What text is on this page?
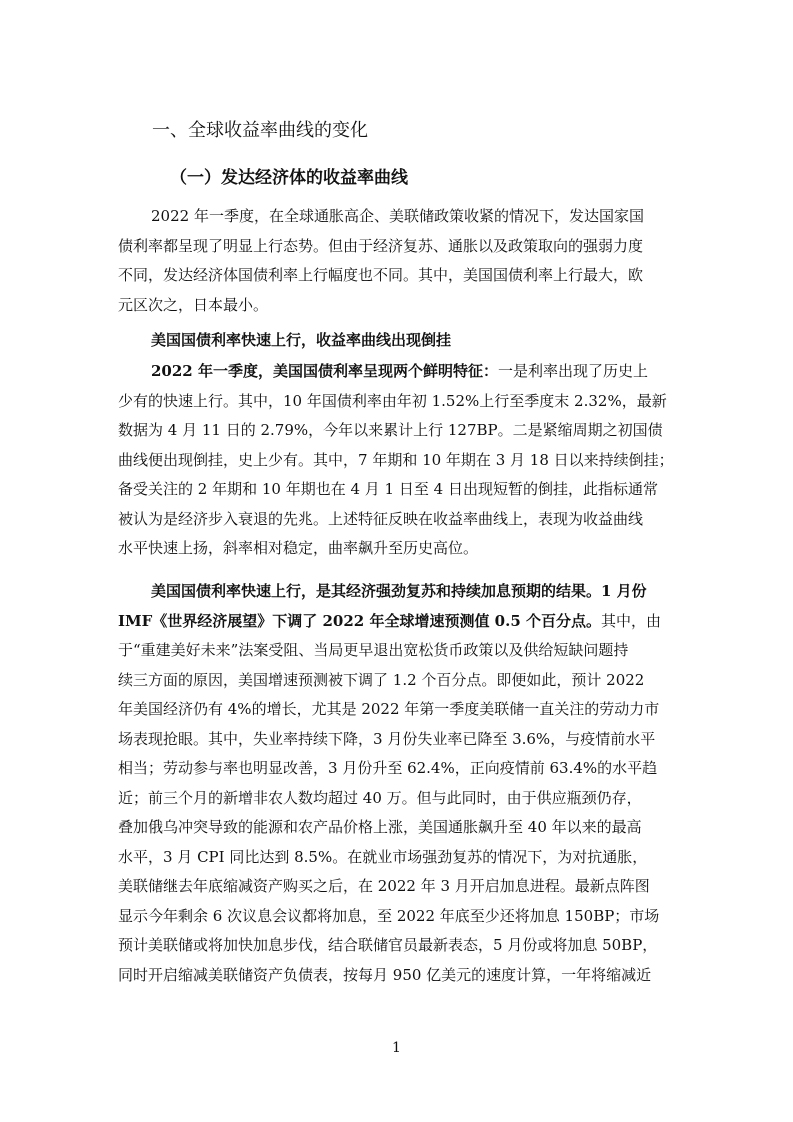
一、全球收益率曲线的变化
（一）发达经济体的收益率曲线
2022 年一季度，在全球通胀高企、美联储政策收紧的情况下，发达国家国
债利率都呈现了明显上行态势。但由于经济复苏、通胀以及政策取向的强弱力度
不同，发达经济体国债利率上行幅度也不同。其中，美国国债利率上行最大，欧
元区次之，日本最小。
美国国债利率快速上行，收益率曲线出现倒挂
2022 年一季度，美国国债利率呈现两个鲜明特征：一是利率出现了历史上
少有的快速上行。其中，10 年国债利率由年初 1.52%上行至季度末 2.32%，最新
数据为 4 月 11 日的 2.79%，今年以来累计上行 127BP。二是紧缩周期之初国债
曲线便出现倒挂，史上少有。其中，7 年期和 10 年期在 3 月 18 日以来持续倒挂；
备受关注的 2 年期和 10 年期也在 4 月 1 日至 4 日出现短暂的倒挂，此指标通常
被认为是经济步入衰退的先兆。上述特征反映在收益率曲线上，表现为收益曲线
水平快速上扬，斜率相对稳定，曲率飙升至历史高位。
美国国债利率快速上行，是其经济强劲复苏和持续加息预期的结果。1 月份
IMF《世界经济展望》下调了 2022 年全球增速预测值 0.5 个百分点。其中，由
于“重建美好未来”法案受阻、当局更早退出宽松货币政策以及供给短缺问题持
续三方面的原因，美国增速预测被下调了 1.2 个百分点。即便如此，预计 2022
年美国经济仍有 4%的增长，尤其是 2022 年第一季度美联储一直关注的劳动力市
场表现抢眼。其中，失业率持续下降，3 月份失业率已降至 3.6%，与疫情前水平
相当；劳动参与率也明显改善，3 月份升至 62.4%，正向疫情前 63.4%的水平趋
近；前三个月的新增非农人数均超过 40 万。但与此同时，由于供应瓶颈仍存，
叠加俄乌冲突导致的能源和农产品价格上涨，美国通胀飙升至 40 年以来的最高
水平，3 月 CPI 同比达到 8.5%。在就业市场强劲复苏的情况下，为对抗通胀，
美联储继去年底缩减资产购买之后，在 2022 年 3 月开启加息进程。最新点阵图
显示今年剩余 6 次议息会议都将加息，至 2022 年底至少还将加息 150BP；市场
预计美联储或将加快加息步伐，结合联储官员最新表态，5 月份或将加息 50BP，
同时开启缩减美联储资产负债表，按每月 950 亿美元的速度计算，一年将缩减近
1
